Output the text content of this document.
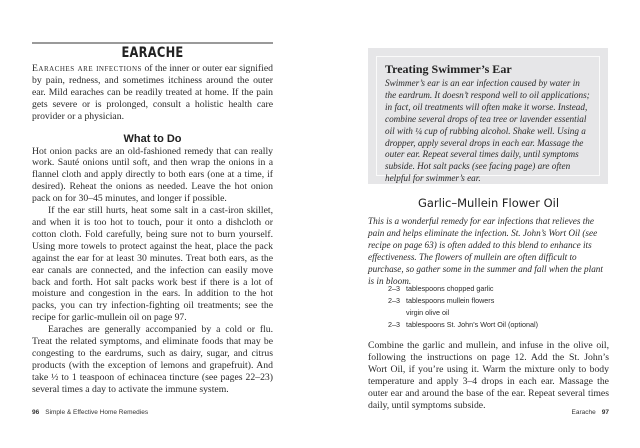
EARACHE

Earaches are infections of the inner or outer ear signified by pain, redness, and sometimes itchiness around the outer ear. Mild earaches can be readily treated at home. If the pain gets severe or is prolonged, consult a holistic health care provider or a physician.

What to Do

Hot onion packs are an old-fashioned remedy that can really work. Sauté onions until soft, and then wrap the onions in a flannel cloth and apply directly to both ears (one at a time, if desired). Reheat the onions as needed. Leave the hot onion pack on for 30–45 minutes, and longer if possible.

If the ear still hurts, heat some salt in a cast-iron skillet, and when it is too hot to touch, pour it onto a dishcloth or cotton cloth. Fold carefully, being sure not to burn yourself. Using more towels to protect against the heat, place the pack against the ear for at least 30 minutes. Treat both ears, as the ear canals are connected, and the infection can easily move back and forth. Hot salt packs work best if there is a lot of moisture and congestion in the ears. In addition to the hot packs, you can try infection-fighting oil treatments; see the recipe for garlic-mullein oil on page 97.

Earaches are generally accompanied by a cold or flu. Treat the related symptoms, and eliminate foods that may be congesting to the eardrums, such as dairy, sugar, and citrus products (with the exception of lemons and grapefruit). And take ½ to 1 teaspoon of echinacea tincture (see pages 22–23) several times a day to activate the immune system.

96 Simple & Effective Home Remedies
Treating Swimmer’s Ear

Swimmer’s ear is an ear infection caused by water in the eardrum. It doesn’t respond well to oil applications; in fact, oil treatments will often make it worse. Instead, combine several drops of tea tree or lavender essential oil with ¼ cup of rubbing alcohol. Shake well. Using a dropper, apply several drops in each ear. Massage the outer ear. Repeat several times daily, until symptoms subside. Hot salt packs (see facing page) are often helpful for swimmer’s ear.

Garlic–Mullein Flower Oil

This is a wonderful remedy for ear infections that relieves the pain and helps eliminate the infection. St. John’s Wort Oil (see recipe on page 63) is often added to this blend to enhance its effectiveness. The flowers of mullein are often difficult to purchase, so gather some in the summer and fall when the plant is in bloom.

2–3 tablespoons chopped garlic
2–3 tablespoons mullein flowers
virgin olive oil
2–3 tablespoons St. John’s Wort Oil (optional)

Combine the garlic and mullein, and infuse in the olive oil, following the instructions on page 12. Add the St. John’s Wort Oil, if you’re using it. Warm the mixture only to body temperature and apply 3–4 drops in each ear. Massage the outer ear and around the base of the ear. Repeat several times daily, until symptoms subside.

Earache 97
